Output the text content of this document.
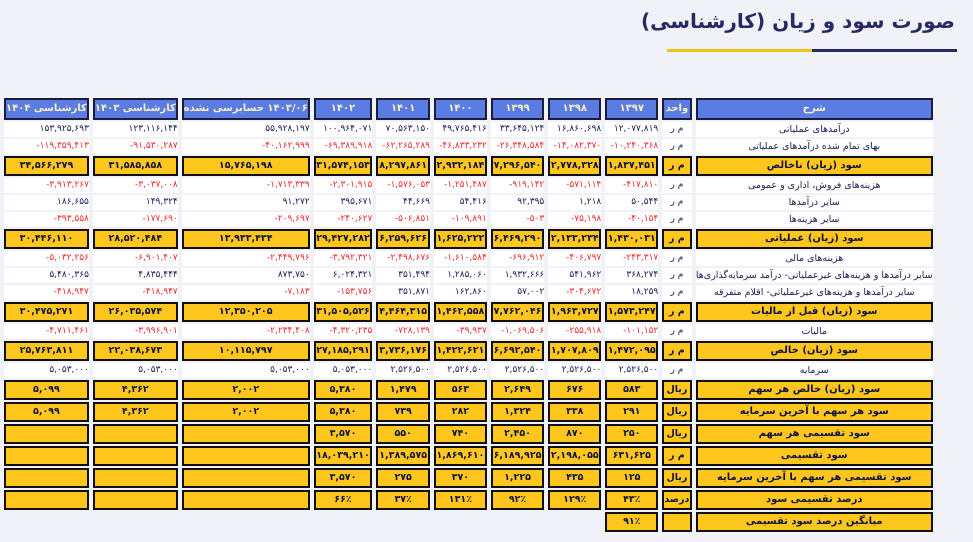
صورت سود و زیان (کارشناسی)
شرح	واحد	۱۳۹۷	۱۳۹۸	۱۳۹۹	۱۴۰۰	۱۴۰۱	۱۴۰۲	۱۴۰۳/۰۶ حسابرسی نشده	کارشناسی ۱۴۰۳	کارشناسی ۱۴۰۴
درآمدهای عملیاتی	م ر	۱۲,۰۷۷,۸۱۹	۱۶,۸۶۰,۶۹۸	۳۳,۶۴۵,۱۲۴	۴۹,۷۶۵,۴۱۶	۷۰,۵۶۳,۱۵۰	۱۰۰,۹۶۴,۰۷۱	۵۵,۹۲۸,۱۹۷	۱۲۳,۱۱۶,۱۴۴	۱۵۳,۹۲۵,۶۹۳
بهای تمام شده درآمدهای عملیاتی	م ر	-۱۰,۲۴۰,۳۶۸	-۱۴,۰۸۲,۳۷۰	-۲۶,۳۴۸,۵۸۴	-۴۶,۸۳۳,۲۳۲	-۶۲,۲۶۵,۲۸۹	-۶۹,۳۸۹,۹۱۸	-۴۰,۱۶۲,۹۹۹	-۹۱,۵۳۰,۲۸۷	-۱۱۹,۳۵۹,۴۱۳
سود (زیان) ناخالص	م ر	۱,۸۳۷,۴۵۱	۲,۷۷۸,۳۲۸	۷,۲۹۶,۵۴۰	۲,۹۳۲,۱۸۴	۸,۲۹۷,۸۶۱	۳۱,۵۷۴,۱۵۳	۱۵,۷۶۵,۱۹۸	۳۱,۵۸۵,۸۵۸	۳۴,۵۶۶,۲۷۹
هزینه‌های فروش، اداری و عمومی	م ر	-۴۱۷,۸۱۰	-۵۷۱,۱۱۴	-۹۱۹,۱۴۲	-۱,۲۵۱,۴۸۷	-۱,۵۷۶,۰۵۳	-۲,۳۰۱,۹۱۵	-۱,۷۱۳,۳۳۹	-۳,۰۳۷,۰۰۸	-۳,۹۱۳,۲۶۷
سایر درآمدها	م ر	۵۰,۵۴۴	۱,۲۱۸	۹۲,۳۹۵	۵۴,۴۱۶	۴۴,۶۶۹	۳۹۵,۶۷۱	۹۱,۲۷۲	۱۴۹,۳۲۴	۱۸۶,۶۵۵
سایر هزینه‌ها	م ر	-۴۰,۱۵۴	-۷۵,۱۹۸	-۵۰۳	-۱۰۹,۸۹۱	-۵۰۶,۸۵۱	-۲۴۰,۶۲۷	-۲۰۹,۶۹۷	-۱۷۷,۶۹۰	-۳۹۳,۵۵۸
سود (زیان) عملیاتی	م ر	۱,۴۳۰,۰۳۱	۲,۱۳۳,۲۳۴	۶,۴۶۹,۲۹۰	۱,۶۲۵,۲۲۲	۶,۲۵۹,۶۲۶	۲۹,۴۲۷,۲۸۲	۱۳,۹۳۳,۴۳۴	۲۸,۵۲۰,۴۸۴	۳۰,۴۴۶,۱۱۰
هزینه‌های مالی	م ر	-۲۴۳,۳۱۷	-۴۰۶,۷۹۷	-۶۹۶,۹۱۲	-۱,۶۱۰,۵۸۴	-۲,۴۹۸,۶۷۶	-۳,۷۹۲,۳۲۱	-۲,۴۴۹,۷۹۶	-۶,۹۰۱,۴۰۷	-۵,۰۳۲,۲۵۶
سایر درآمدها و هزینه‌های غیرعملیاتی- درآمد سرمایه‌گذاری‌ها	م ر	۳۶۸,۲۷۴	۵۴۱,۹۶۲	۱,۹۳۲,۶۶۶	۱,۲۸۵,۰۶۰	۳۵۱,۴۹۴	۶,۰۲۴,۳۲۱	۸۷۳,۷۵۰	۴,۸۳۵,۴۴۴	۵,۴۸۰,۳۶۵
سایر درآمدها و هزینه‌های غیرعملیاتی- اقلام متفرقه	م ر	۱۸,۲۵۹	-۳۰۴,۶۷۲	۵۷,۰۰۲	۱۶۲,۸۶۰	۳۵۱,۸۷۱	-۱۵۳,۷۵۶	-۷,۱۸۳	-۴۱۸,۹۴۷	-۴۱۸,۹۴۷
سود (زیان) قبل از مالیات	م ر	۱,۵۷۳,۲۴۷	۱,۹۶۳,۷۲۷	۷,۷۶۲,۰۴۶	۱,۴۶۲,۵۵۸	۴,۴۶۴,۳۱۵	۳۱,۵۰۵,۵۲۶	۱۲,۳۵۰,۲۰۵	۲۶,۰۳۵,۵۷۴	۳۰,۴۷۵,۲۷۱
مالیات	م ر	-۱۰۱,۱۵۲	-۲۵۵,۹۱۸	-۱,۰۶۹,۵۰۶	-۳۹,۹۳۷	-۷۲۸,۱۳۹	-۴,۳۲۰,۲۳۵	-۲,۲۳۴,۴۰۸	-۳,۹۹۶,۹۰۱	-۴,۷۱۱,۴۶۱
سود (زیان) خالص	م ر	۱,۴۷۲,۰۹۵	۱,۷۰۷,۸۰۹	۶,۶۹۲,۵۴۰	۱,۴۲۲,۶۲۱	۳,۷۳۶,۱۷۶	۲۷,۱۸۵,۲۹۱	۱۰,۱۱۵,۷۹۷	۲۲,۰۳۸,۶۷۳	۲۵,۷۶۳,۸۱۱
سرمایه	م ر	۲,۵۲۶,۵۰۰	۲,۵۲۶,۵۰۰	۲,۵۲۶,۵۰۰	۲,۵۲۶,۵۰۰	۲,۵۲۶,۵۰۰	۵,۰۵۳,۰۰۰	۵,۰۵۳,۰۰۰	۵,۰۵۳,۰۰۰	۵,۰۵۳,۰۰۰
سود (زیان) خالص هر سهم	ریال	۵۸۳	۶۷۶	۲,۶۴۹	۵۶۳	۱,۴۷۹	۵,۳۸۰	۲,۰۰۲	۴,۳۶۲	۵,۰۹۹
سود هر سهم با آخرین سرمایه	ریال	۲۹۱	۳۳۸	۱,۳۲۴	۲۸۲	۷۳۹	۵,۳۸۰	۲,۰۰۲	۴,۳۶۲	۵,۰۹۹
سود تقسیمی هر سهم	ریال	۲۵۰	۸۷۰	۲,۴۵۰	۷۴۰	۵۵۰	۳,۵۷۰			
سود تقسیمی	م ر	۶۳۱,۶۲۵	۲,۱۹۸,۰۵۵	۶,۱۸۹,۹۲۵	۱,۸۶۹,۶۱۰	۱,۳۸۹,۵۷۵	۱۸,۰۳۹,۲۱۰			
سود تقسیمی هر سهم با آخرین سرمایه	ریال	۱۲۵	۴۳۵	۱,۲۲۵	۳۷۰	۲۷۵	۳,۵۷۰			
درصد تقسیمی سود	درصد	۴۳٪	۱۲۹٪	۹۲٪	۱۳۱٪	۳۷٪	۶۶٪			
میانگین درصد سود تقسیمی		۹۱٪								
